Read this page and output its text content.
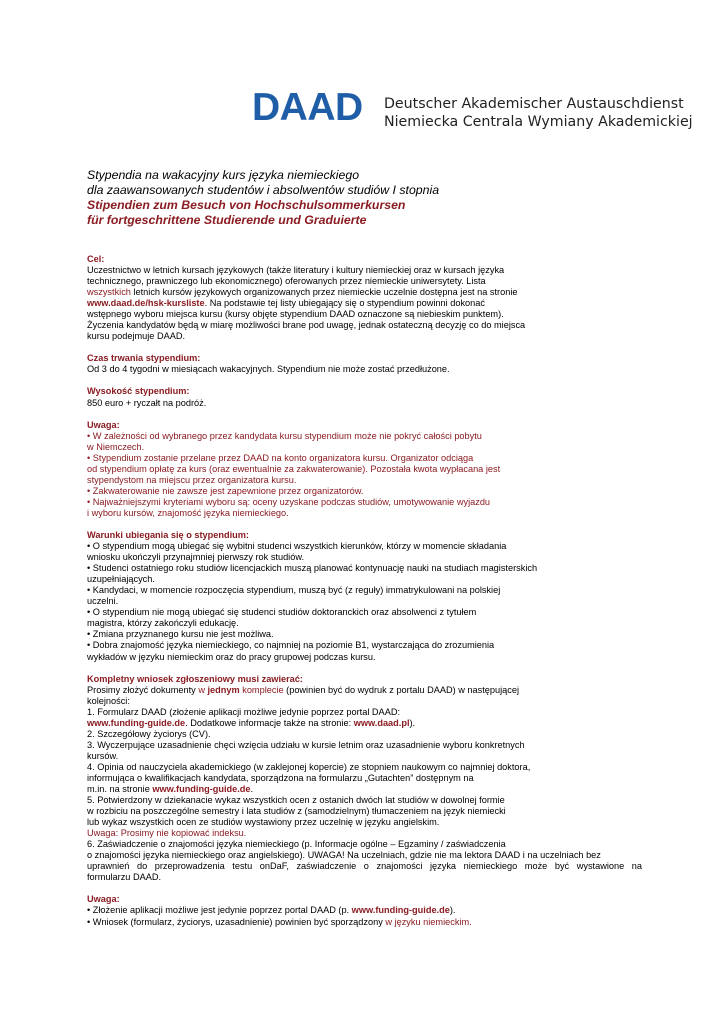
DAAD Deutscher Akademischer Austauschdienst
Niemiecka Centrala Wymiany Akademickiej
Stypendia na wakacyjny kurs języka niemieckiego
dla zaawansowanych studentów i absolwentów studiów I stopnia
Stipendien zum Besuch von Hochschulsommerkursen
für fortgeschrittene Studierende und Graduierte
Cel:
Uczestnictwo w letnich kursach językowych (także literatury i kultury niemieckiej oraz w kursach języka
technicznego, prawniczego lub ekonomicznego) oferowanych przez niemieckie uniwersytety. Lista
wszystkich letnich kursów językowych organizowanych przez niemieckie uczelnie dostępna jest na stronie
www.daad.de/hsk-kursliste. Na podstawie tej listy ubiegający się o stypendium powinni dokonać
wstępnego wyboru miejsca kursu (kursy objęte stypendium DAAD oznaczone są niebieskim punktem).
Życzenia kandydatów będą w miarę możliwości brane pod uwagę, jednak ostateczną decyzję co do miejsca
kursu podejmuje DAAD.
Czas trwania stypendium:
Od 3 do 4 tygodni w miesiącach wakacyjnych. Stypendium nie może zostać przedłużone.
Wysokość stypendium:
850 euro + ryczałt na podróż.
Uwaga:
• W zależności od wybranego przez kandydata kursu stypendium może nie pokryć całości pobytu
w Niemczech.
• Stypendium zostanie przelane przez DAAD na konto organizatora kursu. Organizator odciąga
od stypendium opłatę za kurs (oraz ewentualnie za zakwaterowanie). Pozostała kwota wypłacana jest
stypendystom na miejscu przez organizatora kursu.
• Zakwaterowanie nie zawsze jest zapewnione przez organizatorów.
• Najważniejszymi kryteriami wyboru są: oceny uzyskane podczas studiów, umotywowanie wyjazdu
i wyboru kursów, znajomość języka niemieckiego.
Warunki ubiegania się o stypendium:
• O stypendium mogą ubiegać się wybitni studenci wszystkich kierunków, którzy w momencie składania
wniosku ukończyli przynajmniej pierwszy rok studiów.
• Studenci ostatniego roku studiów licencjackich muszą planować kontynuację nauki na studiach magisterskich
uzupełniających.
• Kandydaci, w momencie rozpoczęcia stypendium, muszą być (z reguły) immatrykulowani na polskiej
uczelni.
• O stypendium nie mogą ubiegać się studenci studiów doktoranckich oraz absolwenci z tytułem
magistra, którzy zakończyli edukację.
• Zmiana przyznanego kursu nie jest możliwa.
• Dobra znajomość języka niemieckiego, co najmniej na poziomie B1, wystarczająca do zrozumienia
wykładów w języku niemieckim oraz do pracy grupowej podczas kursu.
Kompletny wniosek zgłoszeniowy musi zawierać:
Prosimy złożyć dokumenty w jednym komplecie (powinien być do wydruk z portalu DAAD) w następującej
kolejności:
1. Formularz DAAD (złożenie aplikacji możliwe jedynie poprzez portal DAAD:
www.funding-guide.de. Dodatkowe informacje także na stronie: www.daad.pl).
2. Szczegółowy życiorys (CV).
3. Wyczerpujące uzasadnienie chęci wzięcia udziału w kursie letnim oraz uzasadnienie wyboru konkretnych
kursów.
4. Opinia od nauczyciela akademickiego (w zaklejonej kopercie) ze stopniem naukowym co najmniej doktora,
informująca o kwalifikacjach kandydata, sporządzona na formularzu „Gutachten” dostępnym na
m.in. na stronie www.funding-guide.de.
5. Potwierdzony w dziekanacie wykaz wszystkich ocen z ostanich dwóch lat studiów w dowolnej formie
w rozbiciu na poszczególne semestry i lata studiów z (samodzielnym) tłumaczeniem na język niemiecki
lub wykaz wszystkich ocen ze studiów wystawiony przez uczelnię w języku angielskim.
Uwaga: Prosimy nie kopiować indeksu.
6. Zaświadczenie o znajomości języka niemieckiego (p. Informacje ogólne – Egzaminy / zaświadczenia
o znajomości języka niemieckiego oraz angielskiego). UWAGA! Na uczelniach, gdzie nie ma lektora DAAD i na uczelniach bez
uprawnień do przeprowadzenia testu onDaF, zaświadczenie o znajomości języka niemieckiego może być wystawione na
formularzu DAAD.
Uwaga:
• Złożenie aplikacji możliwe jest jedynie poprzez portal DAAD (p. www.funding-guide.de).
• Wniosek (formularz, życiorys, uzasadnienie) powinien być sporządzony w języku niemieckim.
